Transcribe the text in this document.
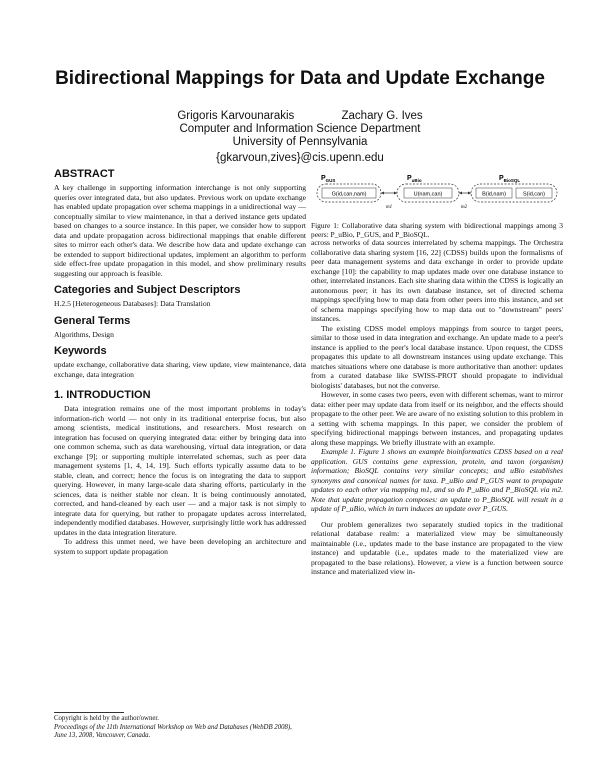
Bidirectional Mappings for Data and Update Exchange
Grigoris Karvounarakis	Zachary G. Ives
Computer and Information Science Department
University of Pennsylvania
{gkarvoun,zives}@cis.upenn.edu
ABSTRACT

A key challenge in supporting information interchange is not only supporting queries over integrated data, but also updates. Previous work on update exchange has enabled update propagation over schema mappings in a unidirectional way — conceptually similar to view maintenance, in that a derived instance gets updated based on changes to a source instance. In this paper, we consider how to support data and update propagation across bidirectional mappings that enable different sites to mirror each other's data. We describe how data and update exchange can be extended to support bidirectional updates, implement an algorithm to perform side effect-free update propagation in this model, and show preliminary results suggesting our approach is feasible.

Categories and Subject Descriptors

H.2.5 [Heterogeneous Databases]: Data Translation

General Terms

Algorithms, Design

Keywords

update exchange, collaborative data sharing, view update, view maintenance, data exchange, data integration

1. INTRODUCTION

Data integration remains one of the most important problems in today's information-rich world — not only in its traditional enterprise focus, but also among scientists, medical institutions, and researchers. Most research on integration has focused on querying integrated data: either by bringing data into one common schema, such as data warehousing, virtual data integration, or data exchange [9]; or supporting multiple interrelated schemas, such as peer data management systems [1, 4, 14, 19]. Such efforts typically assume data to be stable, clean, and correct; hence the focus is on integrating the data to support querying. However, in many large-scale data sharing efforts, particularly in the sciences, data is neither stable nor clean. It is being continuously annotated, corrected, and hand-cleaned by each user — and a major task is not simply to integrate data for querying, but rather to propagate updates across interrelated, independently modified databases. However, surprisingly little work has addressed updates in the data integration literature.

To address this unmet need, we have been developing an architecture and system to support update propagation

$P_{GUS}$	$P_{uBio}$	$P_{BioSQL}$
G(id,can,nam)	U(nam,can)	B(id,nam)	S(id,can)
m1	m2
Figure 1: Collaborative data sharing system with bidirectional mappings among 3 peers: P_uBio, P_GUS, and P_BioSQL.

across networks of data sources interrelated by schema mappings. The Orchestra collaborative data sharing system [16, 22] (CDSS) builds upon the formalisms of peer data management systems and data exchange in order to provide update exchange [10]: the capability to map updates made over one database instance to other, interrelated instances. Each site sharing data within the CDSS is logically an autonomous peer; it has its own database instance, set of directed schema mappings specifying how to map data from other peers into this instance, and set of schema mappings specifying how to map data out to "downstream" peers' instances.

The existing CDSS model employs mappings from source to target peers, similar to those used in data integration and exchange. An update made to a peer's instance is applied to the peer's local database instance. Upon request, the CDSS propagates this update to all downstream instances using update exchange. This matches situations where one database is more authoritative than another: updates from a curated database like SWISS-PROT should propagate to individual biologists' databases, but not the converse.

However, in some cases two peers, even with different schemas, want to mirror data: either peer may update data from itself or its neighbor, and the effects should propagate to the other peer. We are aware of no existing solution to this problem in a setting with schema mappings. In this paper, we consider the problem of specifying bidirectional mappings between instances, and propagating updates along these mappings. We briefly illustrate with an example.

Example 1. Figure 1 shows an example bioinformatics CDSS based on a real application. GUS contains gene expression, protein, and taxon (organism) information; BioSQL contains very similar concepts; and uBio establishes synonyms and canonical names for taxa. P_uBio and P_GUS want to propagate updates to each other via mapping m1, and so do P_uBio and P_BioSQL via m2. Note that update propagation composes: an update to P_BioSQL will result in a update of P_uBio, which in turn induces an update over P_GUS.

Our problem generalizes two separately studied topics in the traditional relational database realm: a materialized view may be simultaneously maintainable (i.e., updates made to the base instance are propagated to the view instance) and updatable (i.e., updates made to the materialized view are propagated to the base relations). However, a view is a function between source instance and materialized view in-

Copyright is held by the author/owner.
Proceedings of the 11th International Workshop on Web and Databases (WebDB 2008), June 13, 2008, Vancouver, Canada.
